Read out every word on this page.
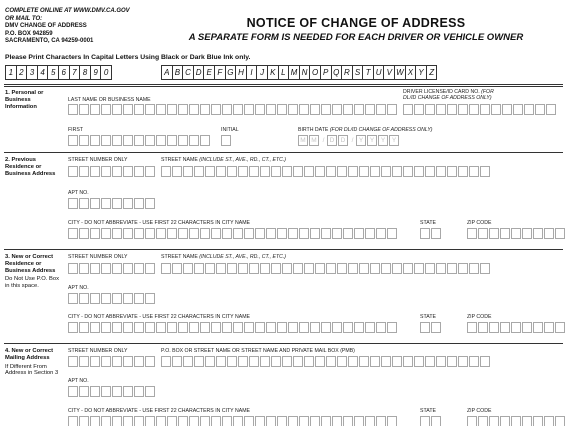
COMPLETE ONLINE AT WWW.DMV.CA.GOV
OR MAIL TO:
DMV CHANGE OF ADDRESS
P.O. BOX 942859
SACRAMENTO, CA 94259-0001
NOTICE OF CHANGE OF ADDRESS
A SEPARATE FORM IS NEEDED FOR EACH DRIVER OR VEHICLE OWNER
Please Print Characters In Capital Letters Using Black or Dark Blue Ink only.
1 2 3 4 5 6 7 8 9 0	A B C D E F G H I J K L M N O P Q R S T U V W X Y Z
1. Personal or Business Information
LAST NAME OR BUSINESS NAME
DRIVER LICENSE/ID CARD NO. (FOR
DL/ID CHANGE OF ADDRESS ONLY)
FIRST	INITIAL	BIRTH DATE (FOR DL/ID CHANGE OF ADDRESS ONLY)
M M / D D / Y	Y	Y	Y
2. Previous Residence or Business Address
STREET NUMBER ONLY	STREET NAME (INCLUDE ST., AVE., RD., CT., ETC.)
APT NO.
CITY - DO NOT ABBREVIATE - USE FIRST 22 CHARACTERS IN CITY NAME	STATE	ZIP CODE
3. New or Correct Residence or Business Address
Do Not Use P.O. Box in this space.
STREET NUMBER ONLY	STREET NAME (INCLUDE ST., AVE., RD., CT., ETC.)
APT NO.
CITY - DO NOT ABBREVIATE - USE FIRST 22 CHARACTERS IN CITY NAME	STATE	ZIP CODE
4. New or Correct Mailing Address
If Different From Address in Section 3
STREET NUMBER ONLY	P.O. BOX OR STREET NAME OR STREET NAME AND PRIVATE MAIL BOX (PMB)
APT NO.
CITY - DO NOT ABBREVIATE - USE FIRST 22 CHARACTERS IN CITY NAME	STATE	ZIP CODE
